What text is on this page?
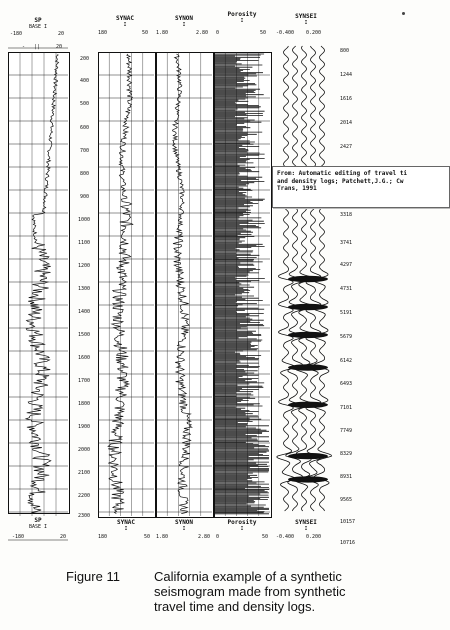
SP
BASE I
-180	20
- ||	20
SP
BASE I
-180	20
200
400
500
600
700
800
900
1000
1100
1200
1300
1400
1500
1600
1700
1800
1900
2000
2100
2200
2300
SYNAC
I
180	50
SYNAC
I
180	50
SYNON
I
1.80	2.80
SYNON
I
1.80	2.80
Porosity
I
0	50
Porosity
I
0	50
SYNSEI
I
-0.400 0.200
SYNSEI
I
-0.400 0.200
800
1244
1616
2014
2427
3318
3741
4297
4731
5191
5679
6142
6493
7101
7749
8329
8931
9565
10157
10716
From: Automatic editing of travel ti
and density logs; Patchett,J.G.; Cw
Trans, 1991
Figure 11	California example of a synthetic
seismogram made from synthetic
travel time and density logs.
